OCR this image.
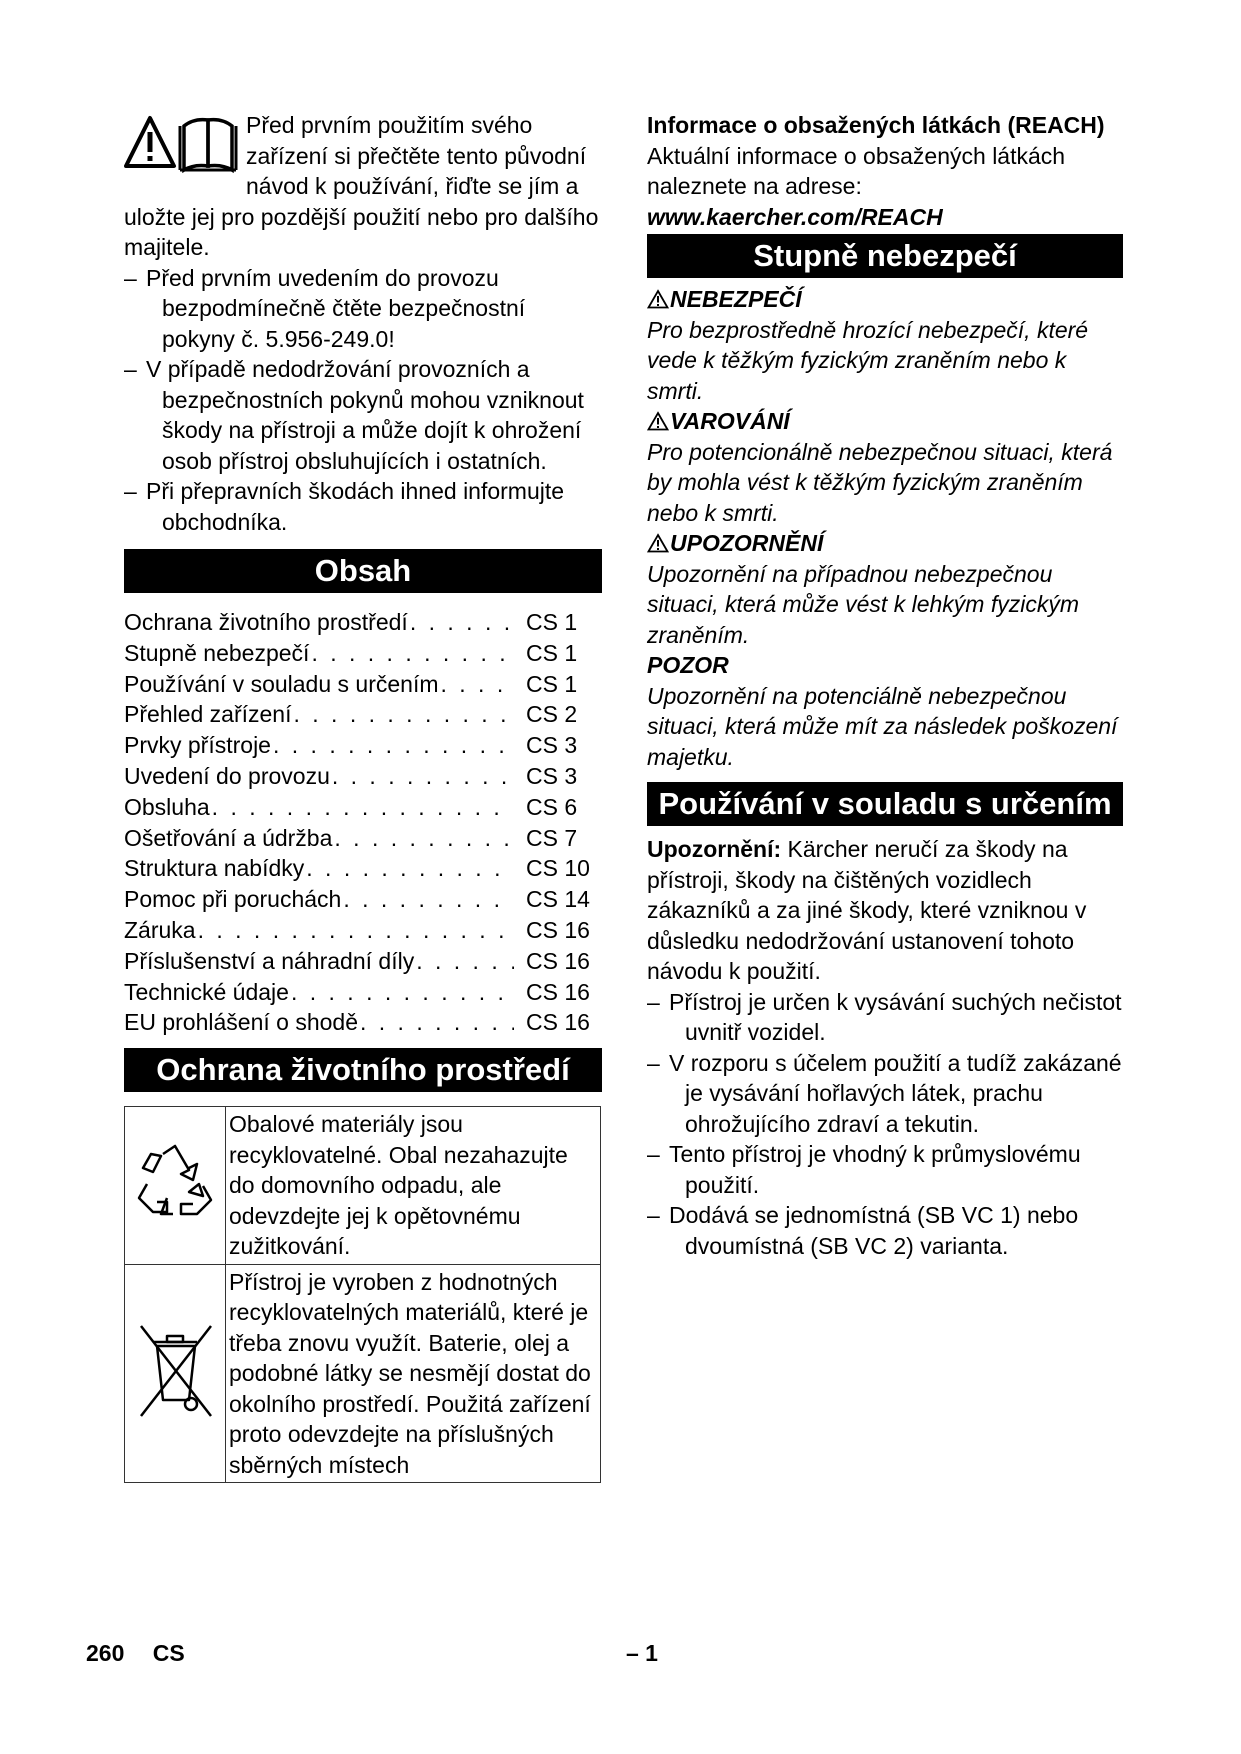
Před prvním použitím svého zařízení si přečtěte tento původní návod k používání, řiďte se jím a uložte jej pro pozdější použití nebo pro dalšího majitele.

– Před prvním uvedením do provozu bezpodmínečně čtěte bezpečnostní pokyny č. 5.956-249.0!
– V případě nedodržování provozních a bezpečnostních pokynů mohou vzniknout škody na přístroji a může dojít k ohrožení osob přístroj obsluhujících i ostatních.
– Při přepravních škodách ihned informujte obchodníka.
Obsah
Ochrana životního prostředí . . .	CS 1
Stupně nebezpečí . . .	CS 1
Používání v souladu s určením . . .	CS 1
Přehled zařízení . . .	CS 2
Prvky přístroje . . .	CS 3
Uvedení do provozu . . .	CS 3
Obsluha . . .	CS 6
Ošetřování a údržba . . .	CS 7
Struktura nabídky . . .	CS 10
Pomoc při poruchách . . .	CS 14
Záruka . . .	CS 16
Příslušenství a náhradní díly . . .	CS 16
Technické údaje . . .	CS 16
EU prohlášení o shodě . . .	CS 16
Ochrana životního prostředí
	Obalové materiály jsou recyklovatelné. Obal nezahazujte do domovního odpadu, ale odevzdejte jej k opětovnému zužitkování.
	Přístroj je vyroben z hodnotných recyklovatelných materiálů, které je třeba znovu využít. Baterie, olej a podobné látky se nesmějí dostat do okolního prostředí. Použitá zařízení proto odevzdejte na příslušných sběrných místech

Informace o obsažených látkách (REACH)

Aktuální informace o obsažených látkách naleznete na adrese:

www.kaercher.com/REACH

Stupně nebezpečí

NEBEZPEČÍ

Pro bezprostředně hrozící nebezpečí, které vede k těžkým fyzickým zraněním nebo k smrti.

VAROVÁNÍ

Pro potencionálně nebezpečnou situaci, která by mohla vést k těžkým fyzickým zraněním nebo k smrti.

UPOZORNĚNÍ

Upozornění na případnou nebezpečnou situaci, která může vést k lehkým fyzickým zraněním.

POZOR

Upozornění na potenciálně nebezpečnou situaci, která může mít za následek poškození majetku.

Používání v souladu s určením

Upozornění: Kärcher neručí za škody na přístroji, škody na čištěných vozidlech zákazníků a za jiné škody, které vzniknou v důsledku nedodržování ustanovení tohoto návodu k použití.

– Přístroj je určen k vysávání suchých nečistot uvnitř vozidel.
– V rozporu s účelem použití a tudíž zakázané je vysávání hořlavých látek, prachu ohrožujícího zdraví a tekutin.
– Tento přístroj je vhodný k průmyslovému použití.
– Dodává se jednomístná (SB VC 1) nebo dvoumístná (SB VC 2) varianta.
260 CS	– 1
